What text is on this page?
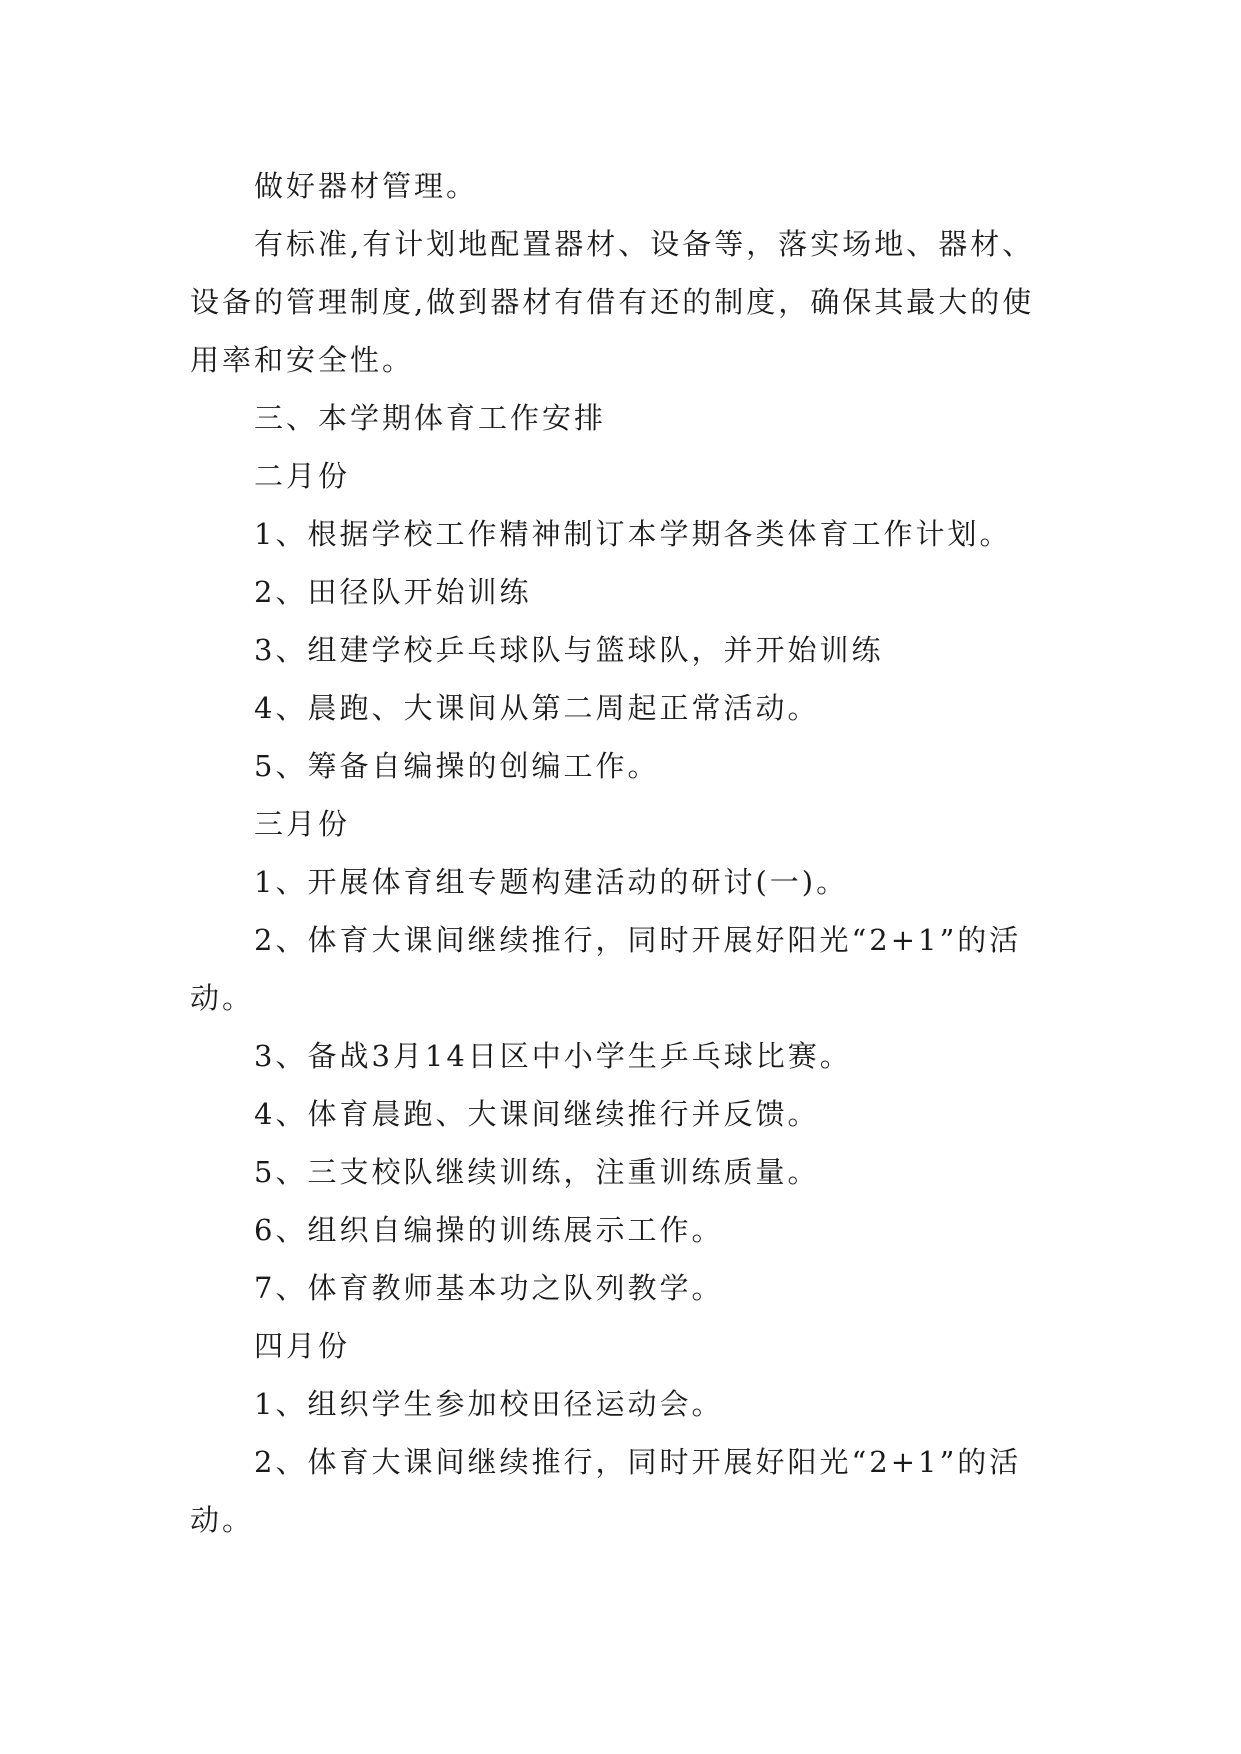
做好器材管理。

有标准,有计划地配置器材、设备等，落实场地、器材、设备的管理制度,做到器材有借有还的制度，确保其最大的使用率和安全性。

三、本学期体育工作安排

二月份

1、根据学校工作精神制订本学期各类体育工作计划。

2、田径队开始训练

3、组建学校乒乓球队与篮球队，并开始训练

4、晨跑、大课间从第二周起正常活动。

5、筹备自编操的创编工作。

三月份

1、开展体育组专题构建活动的研讨(一)。

2、体育大课间继续推行，同时开展好阳光“2+1”的活动。

3、备战3月14日区中小学生乒乓球比赛。

4、体育晨跑、大课间继续推行并反馈。

5、三支校队继续训练，注重训练质量。

6、组织自编操的训练展示工作。

7、体育教师基本功之队列教学。

四月份

1、组织学生参加校田径运动会。

2、体育大课间继续推行，同时开展好阳光“2+1”的活动。
